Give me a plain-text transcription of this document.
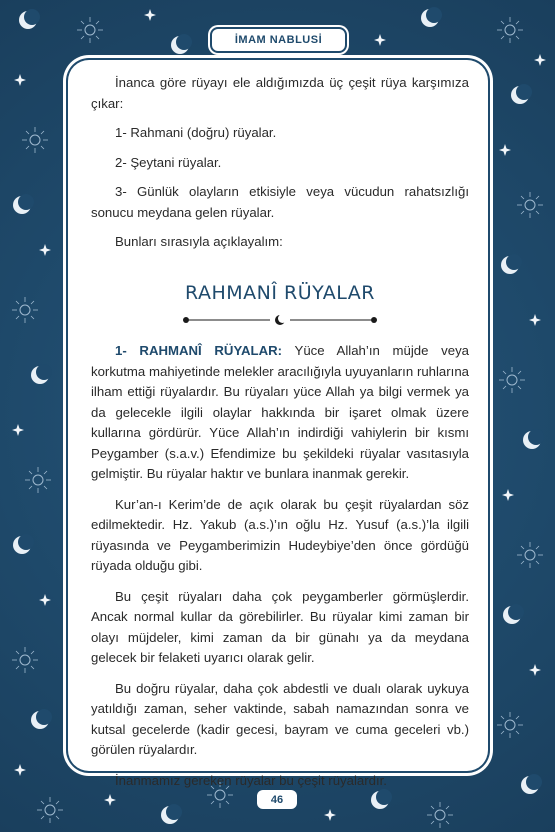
İMAM NABLUSİ

İnanca göre rüyayı ele aldığımızda üç çeşit rüya karşımıza çıkar:

1- Rahmani (doğru) rüyalar.

2- Şeytani rüyalar.

3- Günlük olayların etkisiyle veya vücudun rahatsızlığı sonucu meydana gelen rüyalar.

Bunları sırasıyla açıklayalım:

RAHMANÎ RÜYALAR

1- RAHMANÎ RÜYALAR: Yüce Allah’ın müjde veya korkutma mahiyetinde melekler aracılığıyla uyuyanların ruhlarına ilham ettiği rüyalardır. Bu rüyaları yüce Allah ya bilgi vermek ya da gelecekle ilgili olaylar hakkında bir işaret olmak üzere kullarına gördürür. Yüce Allah’ın indirdiği vahiylerin bir kısmı Peygamber (s.a.v.) Efendimize bu şekildeki rüyalar vasıtasıyla gelmiştir. Bu rüyalar haktır ve bunlara inanmak gerekir.

Kur’an-ı Kerim’de de açık olarak bu çeşit rüyalardan söz edilmektedir. Hz. Yakub (a.s.)’ın oğlu Hz. Yusuf (a.s.)’la ilgili rüyasında ve Peygamberimizin Hudeybiye’den önce gördüğü rüyada olduğu gibi.

Bu çeşit rüyaları daha çok peygamberler görmüşlerdir. Ancak normal kullar da görebilirler. Bu rüyalar kimi zaman bir olayı müjdeler, kimi zaman da bir günahı ya da meydana gelecek bir felaketi uyarıcı olarak gelir.

Bu doğru rüyalar, daha çok abdestli ve dualı olarak uykuya yatıldığı zaman, seher vaktinde, sabah namazından sonra ve kutsal gecelerde (kadir gecesi, bayram ve cuma geceleri vb.) görülen rüyalardır.

İnanmamız gereken rüyalar bu çeşit rüyalardır.

46
